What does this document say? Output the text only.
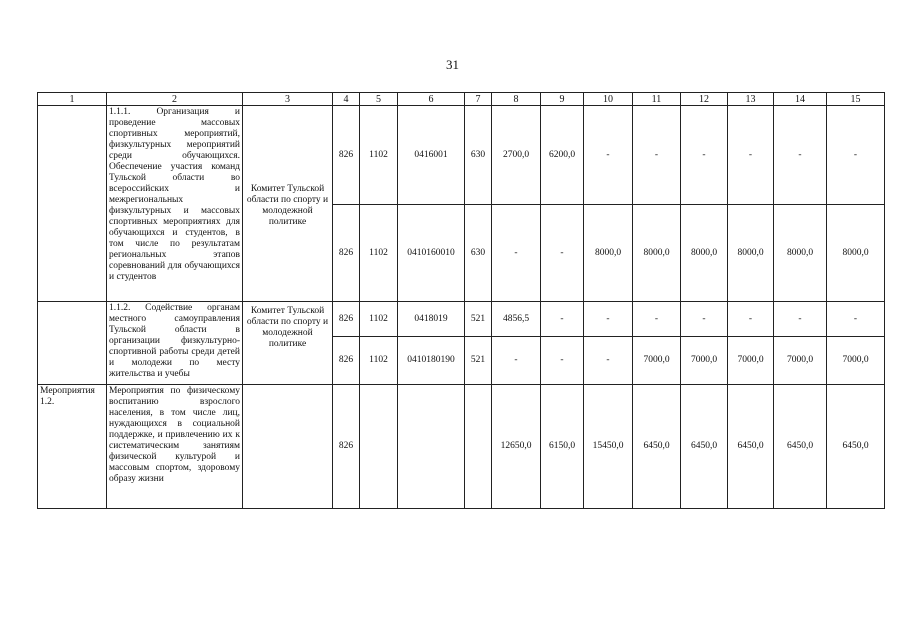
31
1	2	3	4	5	6	7	8	9	10	11	12	13	14	15
	1.1.1. Организация и проведение массовых спортивных мероприятий, физкультурных мероприятий среди обучающихся. Обеспечение участия команд Тульской области во всероссийских и межрегиональных физкультурных и массовых спортивных мероприятиях для обучающихся и студентов, в том числе по результатам региональных этапов соревнований для обучающихся и студентов	Комитет Тульской области по спорту и молодежной политике	826	1102	0416001	630	2700,0	6200,0	-	-	-	-	-	-
			826	1102	0410160010	630	-	-	8000,0	8000,0	8000,0	8000,0	8000,0	8000,0
	1.1.2. Содействие органам местного самоуправления Тульской области в организации физкультурно-спортивной работы среди детей и молодежи по месту жительства и учебы	Комитет Тульской области по спорту и молодежной политике	826	1102	0418019	521	4856,5	-	-	-	-	-	-	-
			826	1102	0410180190	521	-	-	-	7000,0	7000,0	7000,0	7000,0	7000,0
Мероприятия 1.2.	Мероприятия по физическому воспитанию взрослого населения, в том числе лиц, нуждающихся в социальной поддержке, и привлечению их к систематическим занятиям физической культурой и массовым спортом, здоровому образу жизни		826				12650,0	6150,0	15450,0	6450,0	6450,0	6450,0	6450,0	6450,0
